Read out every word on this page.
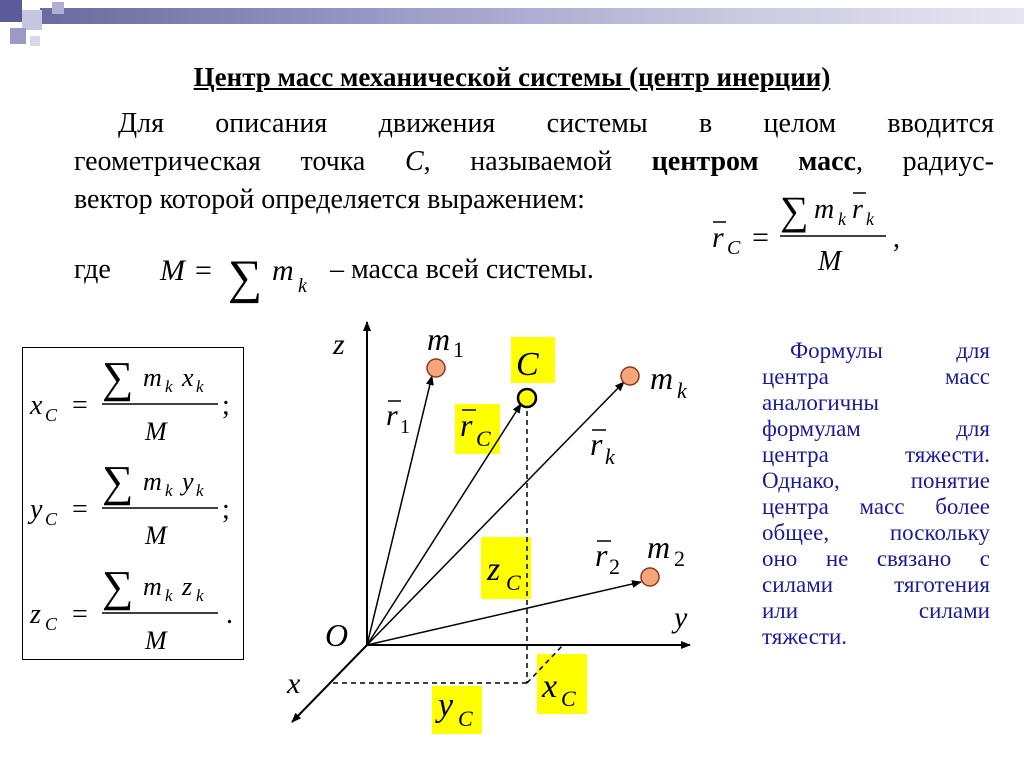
Центр масс механической системы (центр инерции)
Для описания движения системы в целом вводится
геометрическая точка C, называемой центром масс, радиус-
вектор которой определяется выражением:
где	– масса всей системы.
Формулы для
центра масс
аналогичны
формулам для
центра тяжести.
Однако, понятие
центра масс более
общее, поскольку
оно не связано с
силами тяготения
или силами
тяжести.
r C =
∑ m k r k
M
,
M = ∑ m k
x C =
∑ m k x k
M
;
y C =
∑ m k y k
M
;
z C =
∑ m k z k
M
.
z
y
x
O
m 1
m k
m 2
C
r 1 r C	r k
r 2
z C
x C
y C
